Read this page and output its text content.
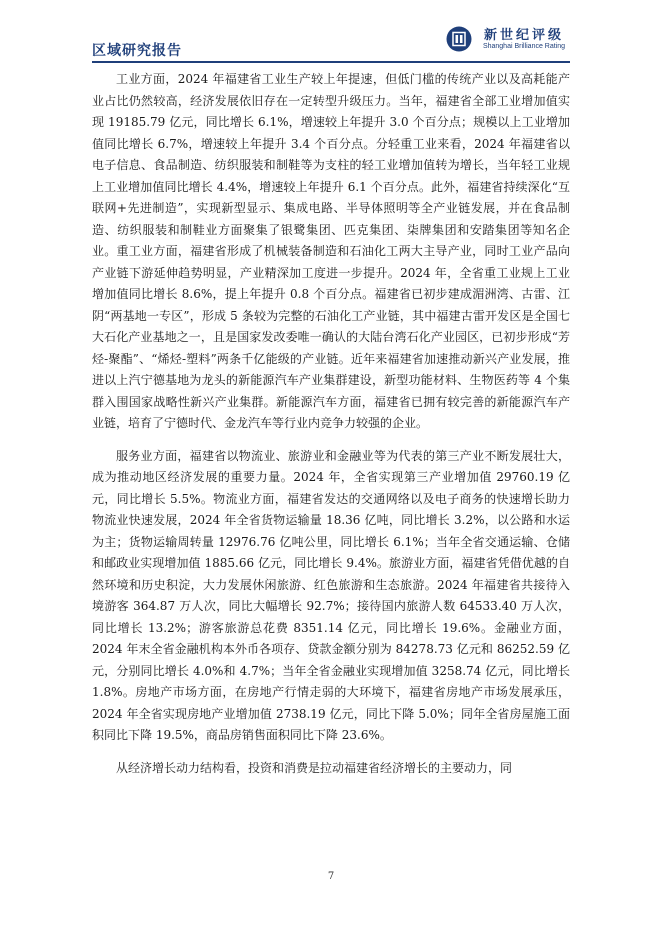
区域研究报告
新世纪评级
Shanghai Brilliance Rating

工业方面，2024 年福建省工业生产较上年提速，但低门槛的传统产业以及高耗能产业占比仍然较高，经济发展依旧存在一定转型升级压力。当年，福建省全部工业增加值实现 19185.79 亿元，同比增长 6.1%，增速较上年提升 3.0 个百分点；规模以上工业增加值同比增长 6.7%，增速较上年提升 3.4 个百分点。分轻重工业来看，2024 年福建省以电子信息、食品制造、纺织服装和制鞋等为支柱的轻工业增加值转为增长，当年轻工业规上工业增加值同比增长 4.4%，增速较上年提升 6.1 个百分点。此外，福建省持续深化“互联网+先进制造”，实现新型显示、集成电路、半导体照明等全产业链发展，并在食品制造、纺织服装和制鞋业方面聚集了银鹭集团、匹克集团、柒牌集团和安踏集团等知名企业。重工业方面，福建省形成了机械装备制造和石油化工两大主导产业，同时工业产品向产业链下游延伸趋势明显，产业精深加工度进一步提升。2024 年，全省重工业规上工业增加值同比增长 8.6%，提上年提升 0.8 个百分点。福建省已初步建成湄洲湾、古雷、江阴“两基地一专区”，形成 5 条较为完整的石油化工产业链，其中福建古雷开发区是全国七大石化产业基地之一，且是国家发改委唯一确认的大陆台湾石化产业园区，已初步形成“芳烃-聚酯”、“烯烃-塑料”两条千亿能级的产业链。近年来福建省加速推动新兴产业发展，推进以上汽宁德基地为龙头的新能源汽车产业集群建设，新型功能材料、生物医药等 4 个集群入围国家战略性新兴产业集群。新能源汽车方面，福建省已拥有较完善的新能源汽车产业链，培育了宁德时代、金龙汽车等行业内竞争力较强的企业。

服务业方面，福建省以物流业、旅游业和金融业等为代表的第三产业不断发展壮大，成为推动地区经济发展的重要力量。2024 年，全省实现第三产业增加值 29760.19 亿元，同比增长 5.5%。物流业方面，福建省发达的交通网络以及电子商务的快速增长助力物流业快速发展，2024 年全省货物运输量 18.36 亿吨，同比增长 3.2%，以公路和水运为主；货物运输周转量 12976.76 亿吨公里，同比增长 6.1%；当年全省交通运输、仓储和邮政业实现增加值 1885.66 亿元，同比增长 9.4%。旅游业方面，福建省凭借优越的自然环境和历史积淀，大力发展休闲旅游、红色旅游和生态旅游。2024 年福建省共接待入境游客 364.87 万人次，同比大幅增长 92.7%；接待国内旅游人数 64533.40 万人次，同比增长 13.2%；游客旅游总花费 8351.14 亿元，同比增长 19.6%。金融业方面，2024 年末全省金融机构本外币各项存、贷款金额分别为 84278.73 亿元和 86252.59 亿元，分别同比增长 4.0%和 4.7%；当年全省金融业实现增加值 3258.74 亿元，同比增长 1.8%。房地产市场方面，在房地产行情走弱的大环境下，福建省房地产市场发展承压，2024 年全省实现房地产业增加值 2738.19 亿元，同比下降 5.0%；同年全省房屋施工面积同比下降 19.5%，商品房销售面积同比下降 23.6%。

从经济增长动力结构看，投资和消费是拉动福建省经济增长的主要动力，同

7
